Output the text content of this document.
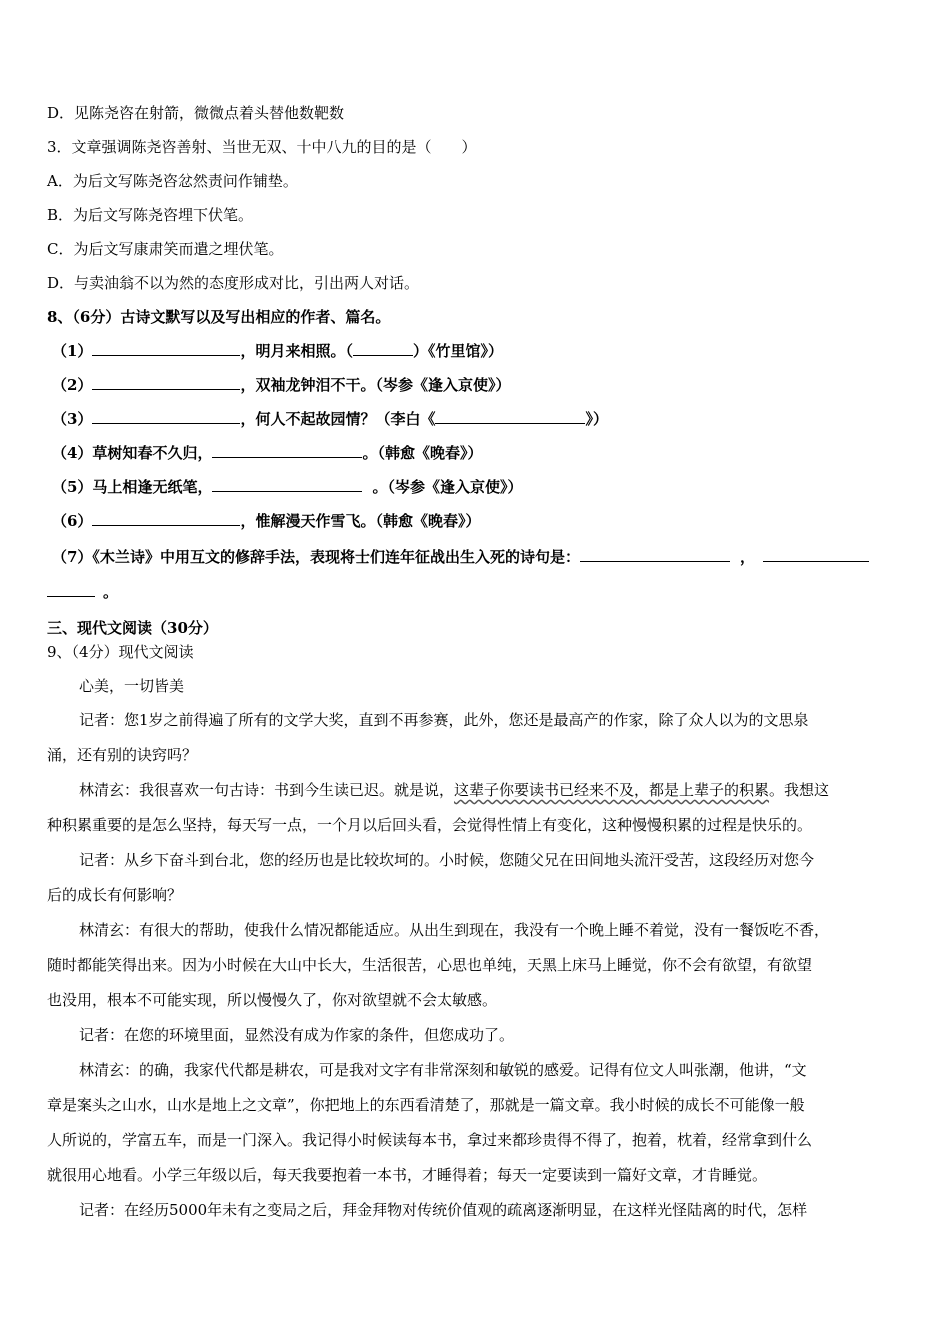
D．见陈尧咨在射箭，微微点着头替他数靶数
3．文章强调陈尧咨善射、当世无双、十中八九的目的是（　　）
A．为后文写陈尧咨忿然责问作铺垫。
B．为后文写陈尧咨埋下伏笔。
C．为后文写康肃笑而遣之埋伏笔。
D．与卖油翁不以为然的态度形成对比，引出两人对话。
8、（6分）古诗文默写以及写出相应的作者、篇名。
（1）	，明月来相照。（	）《竹里馆》）
（2）	，双袖龙钟泪不干。（岑参《逢入京使》）
（3）	，何人不起故园情？（李白《	》）
（4）草树知春不久归，	。（韩愈《晚春》）
（5）马上相逢无纸笔，	。（岑参《逢入京使》）
（6）	，惟解漫天作雪飞。（韩愈《晚春》）
（7）《木兰诗》中用互文的修辞手法，表现将士们连年征战出生入死的诗句是：	，
。
三、现代文阅读（30分）
9、（4分）现代文阅读
心美，一切皆美
记者：您1岁之前得遍了所有的文学大奖，直到不再参赛，此外，您还是最高产的作家，除了众人以为的文思泉
涌，还有别的诀窍吗？
林清玄：我很喜欢一句古诗：书到今生读已迟。就是说，这辈子你要读书已经来不及，都是上辈子的积累。我想这
种积累重要的是怎么坚持，每天写一点，一个月以后回头看，会觉得性情上有变化，这种慢慢积累的过程是快乐的。
记者：从乡下奋斗到台北，您的经历也是比较坎坷的。小时候，您随父兄在田间地头流汗受苦，这段经历对您今
后的成长有何影响？
林清玄：有很大的帮助，使我什么情况都能适应。从出生到现在，我没有一个晚上睡不着觉，没有一餐饭吃不香，
随时都能笑得出来。因为小时候在大山中长大，生活很苦，心思也单纯，天黑上床马上睡觉，你不会有欲望，有欲望
也没用，根本不可能实现，所以慢慢久了，你对欲望就不会太敏感。
记者：在您的环境里面，显然没有成为作家的条件，但您成功了。
林清玄：的确，我家代代都是耕农，可是我对文字有非常深刻和敏锐的感爱。记得有位文人叫张潮，他讲，“文
章是案头之山水，山水是地上之文章”，你把地上的东西看清楚了，那就是一篇文章。我小时候的成长不可能像一般
人所说的，学富五车，而是一门深入。我记得小时候读每本书，拿过来都珍贵得不得了，抱着，枕着，经常拿到什么
就很用心地看。小学三年级以后，每天我要抱着一本书，才睡得着；每天一定要读到一篇好文章，才肯睡觉。
记者：在经历5000年未有之变局之后，拜金拜物对传统价值观的疏离逐渐明显，在这样光怪陆离的时代，怎样
